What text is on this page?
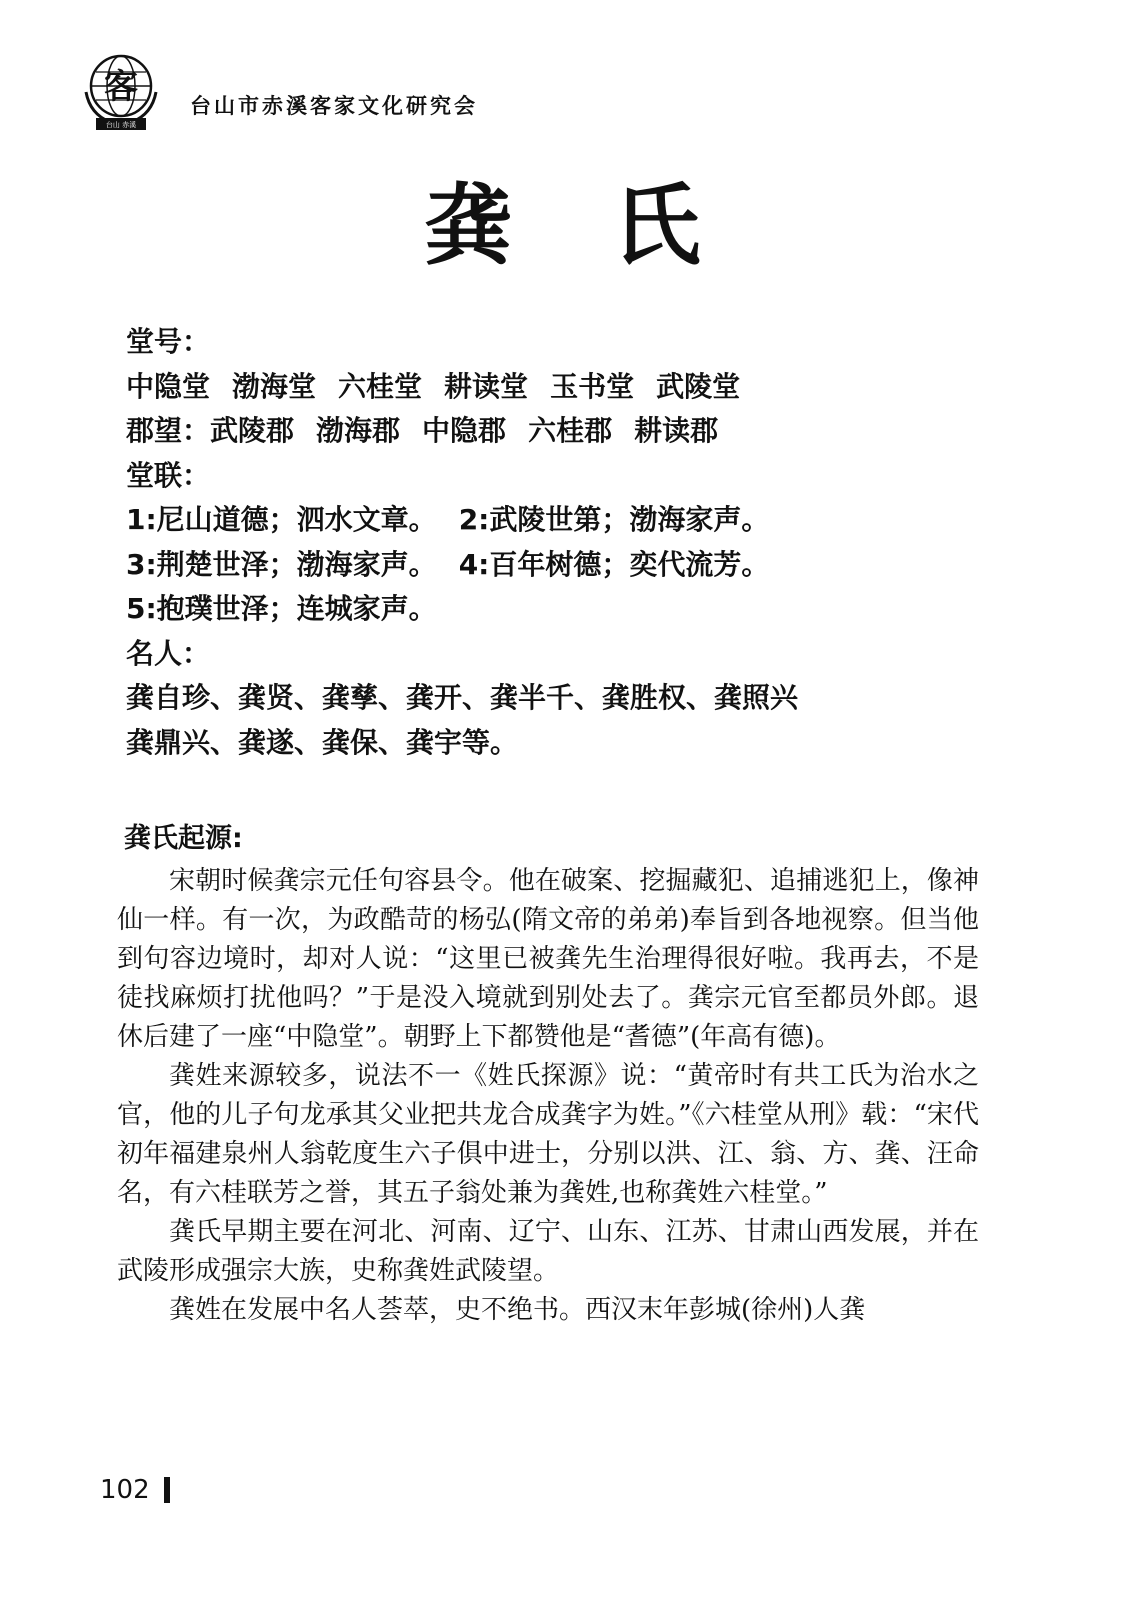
客
台山 赤溪
台山市赤溪客家文化研究会
龚氏
堂号：
中隐堂 渤海堂 六桂堂 耕读堂 玉书堂 武陵堂
郡望：武陵郡 渤海郡 中隐郡 六桂郡 耕读郡
堂联：
1:尼山道德；泗水文章。 2:武陵世第；渤海家声。
3:荆楚世泽；渤海家声。 4:百年树德；奕代流芳。
5:抱璞世泽；连城家声。
名人：
龚自珍、龚贤、龚孳、龚开、龚半千、龚胜权、龚照兴
龚鼎兴、龚遂、龚保、龚宇等。
龚氏起源:

宋朝时候龚宗元任句容县令。他在破案、挖掘藏犯、追捕逃犯上，像神仙一样。有一次，为政酷苛的杨弘(隋文帝的弟弟)奉旨到各地视察。但当他到句容边境时，却对人说：“这里已被龚先生治理得很好啦。我再去，不是徒找麻烦打扰他吗？”于是没入境就到别处去了。龚宗元官至都员外郎。退休后建了一座“中隐堂”。朝野上下都赞他是“耆德”(年高有德)。

龚姓来源较多，说法不一《姓氏探源》说：“黄帝时有共工氏为治水之官，他的儿子句龙承其父业把共龙合成龚字为姓。”《六桂堂从刑》载：“宋代初年福建泉州人翁乾度生六子俱中进士，分别以洪、江、翁、方、龚、汪命名，有六桂联芳之誉，其五子翁处兼为龚姓,也称龚姓六桂堂。”

龚氏早期主要在河北、河南、辽宁、山东、江苏、甘肃山西发展，并在武陵形成强宗大族，史称龚姓武陵望。

龚姓在发展中名人荟萃，史不绝书。西汉末年彭城(徐州)人龚

102
